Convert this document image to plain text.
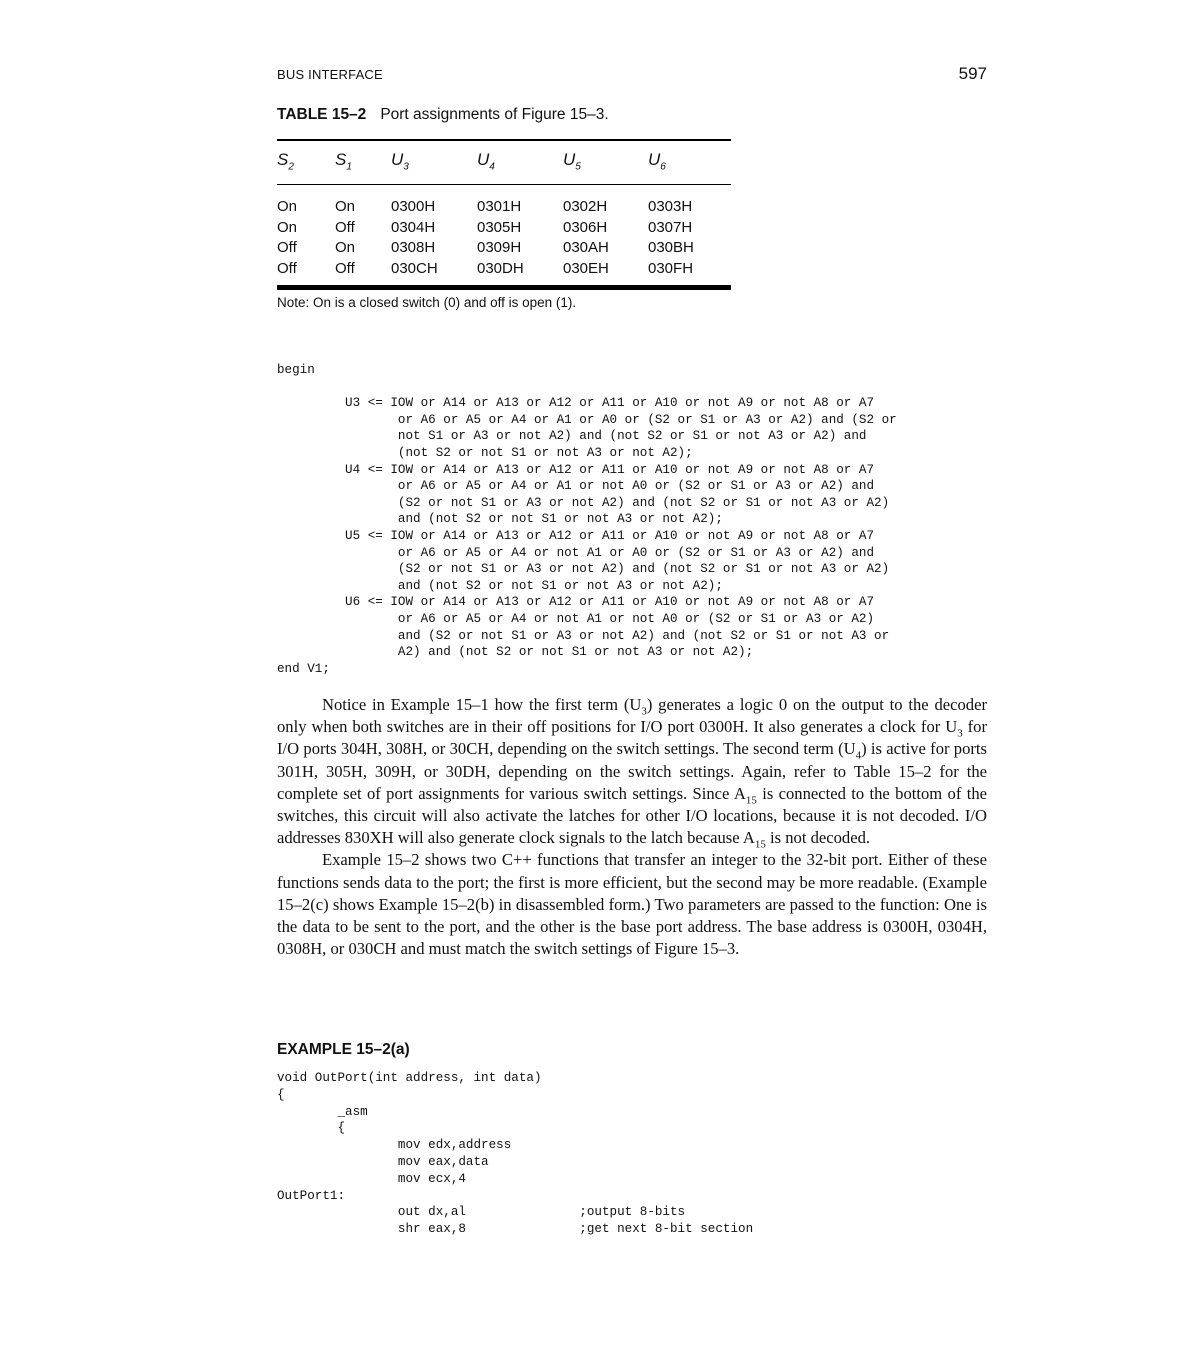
BUS INTERFACE	597
TABLE 15–2 Port assignments of Figure 15–3.
$S_2$	$S_1$	$U_3$	$U_4$	$U_5$	$U_6$
On	On	0300H	0301H	0302H	0303H
On	Off	0304H	0305H	0306H	0307H
Off	On	0308H	0309H	030AH	030BH
Off	Off	030CH	030DH	030EH	030FH
Note: On is a closed switch (0) and off is open (1).
begin

U3 <= IOW or A14 or A13 or A12 or A11 or A10 or not A9 or not A8 or A7
or A6 or A5 or A4 or A1 or A0 or (S2 or S1 or A3 or A2) and (S2 or
not S1 or A3 or not A2) and (not S2 or S1 or not A3 or A2) and
(not S2 or not S1 or not A3 or not A2);
U4 <= IOW or A14 or A13 or A12 or A11 or A10 or not A9 or not A8 or A7
or A6 or A5 or A4 or A1 or not A0 or (S2 or S1 or A3 or A2) and
(S2 or not S1 or A3 or not A2) and (not S2 or S1 or not A3 or A2)
and (not S2 or not S1 or not A3 or not A2);
U5 <= IOW or A14 or A13 or A12 or A11 or A10 or not A9 or not A8 or A7
or A6 or A5 or A4 or not A1 or A0 or (S2 or S1 or A3 or A2) and
(S2 or not S1 or A3 or not A2) and (not S2 or S1 or not A3 or A2)
and (not S2 or not S1 or not A3 or not A2);
U6 <= IOW or A14 or A13 or A12 or A11 or A10 or not A9 or not A8 or A7
or A6 or A5 or A4 or not A1 or not A0 or (S2 or S1 or A3 or A2)
and (S2 or not S1 or A3 or not A2) and (not S2 or S1 or not A3 or
A2) and (not S2 or not S1 or not A3 or not A2);
end V1;

Notice in Example 15–1 how the first term $(U_3)$ generates a logic 0 on the output to the decoder only when both switches are in their off positions for I/O port 0300H. It also generates a clock for $U_3$ for I/O ports 304H, 308H, or 30CH, depending on the switch settings. The second term $(U_4)$ is active for ports 301H, 305H, 309H, or 30DH, depending on the switch settings. Again, refer to Table 15–2 for the complete set of port assignments for various switch settings. Since $A_{15}$ is connected to the bottom of the switches, this circuit will also activate the latches for other I/O locations, because it is not decoded. I/O addresses 830XH will also generate clock signals to the latch because $A_{15}$ is not decoded.

Example 15–2 shows two C++ functions that transfer an integer to the 32-bit port. Either of these functions sends data to the port; the first is more efficient, but the second may be more readable. (Example 15–2(c) shows Example 15–2(b) in disassembled form.) Two parameters are passed to the function: One is the data to be sent to the port, and the other is the base port address. The base address is 0300H, 0304H, 0308H, or 030CH and must match the switch settings of Figure 15–3.

EXAMPLE 15–2(a)
void OutPort(int address, int data)
{
_asm
{
mov edx,address
mov eax,data
mov ecx,4
OutPort1:
out dx,al               ;output 8-bits
shr eax,8               ;get next 8-bit section
